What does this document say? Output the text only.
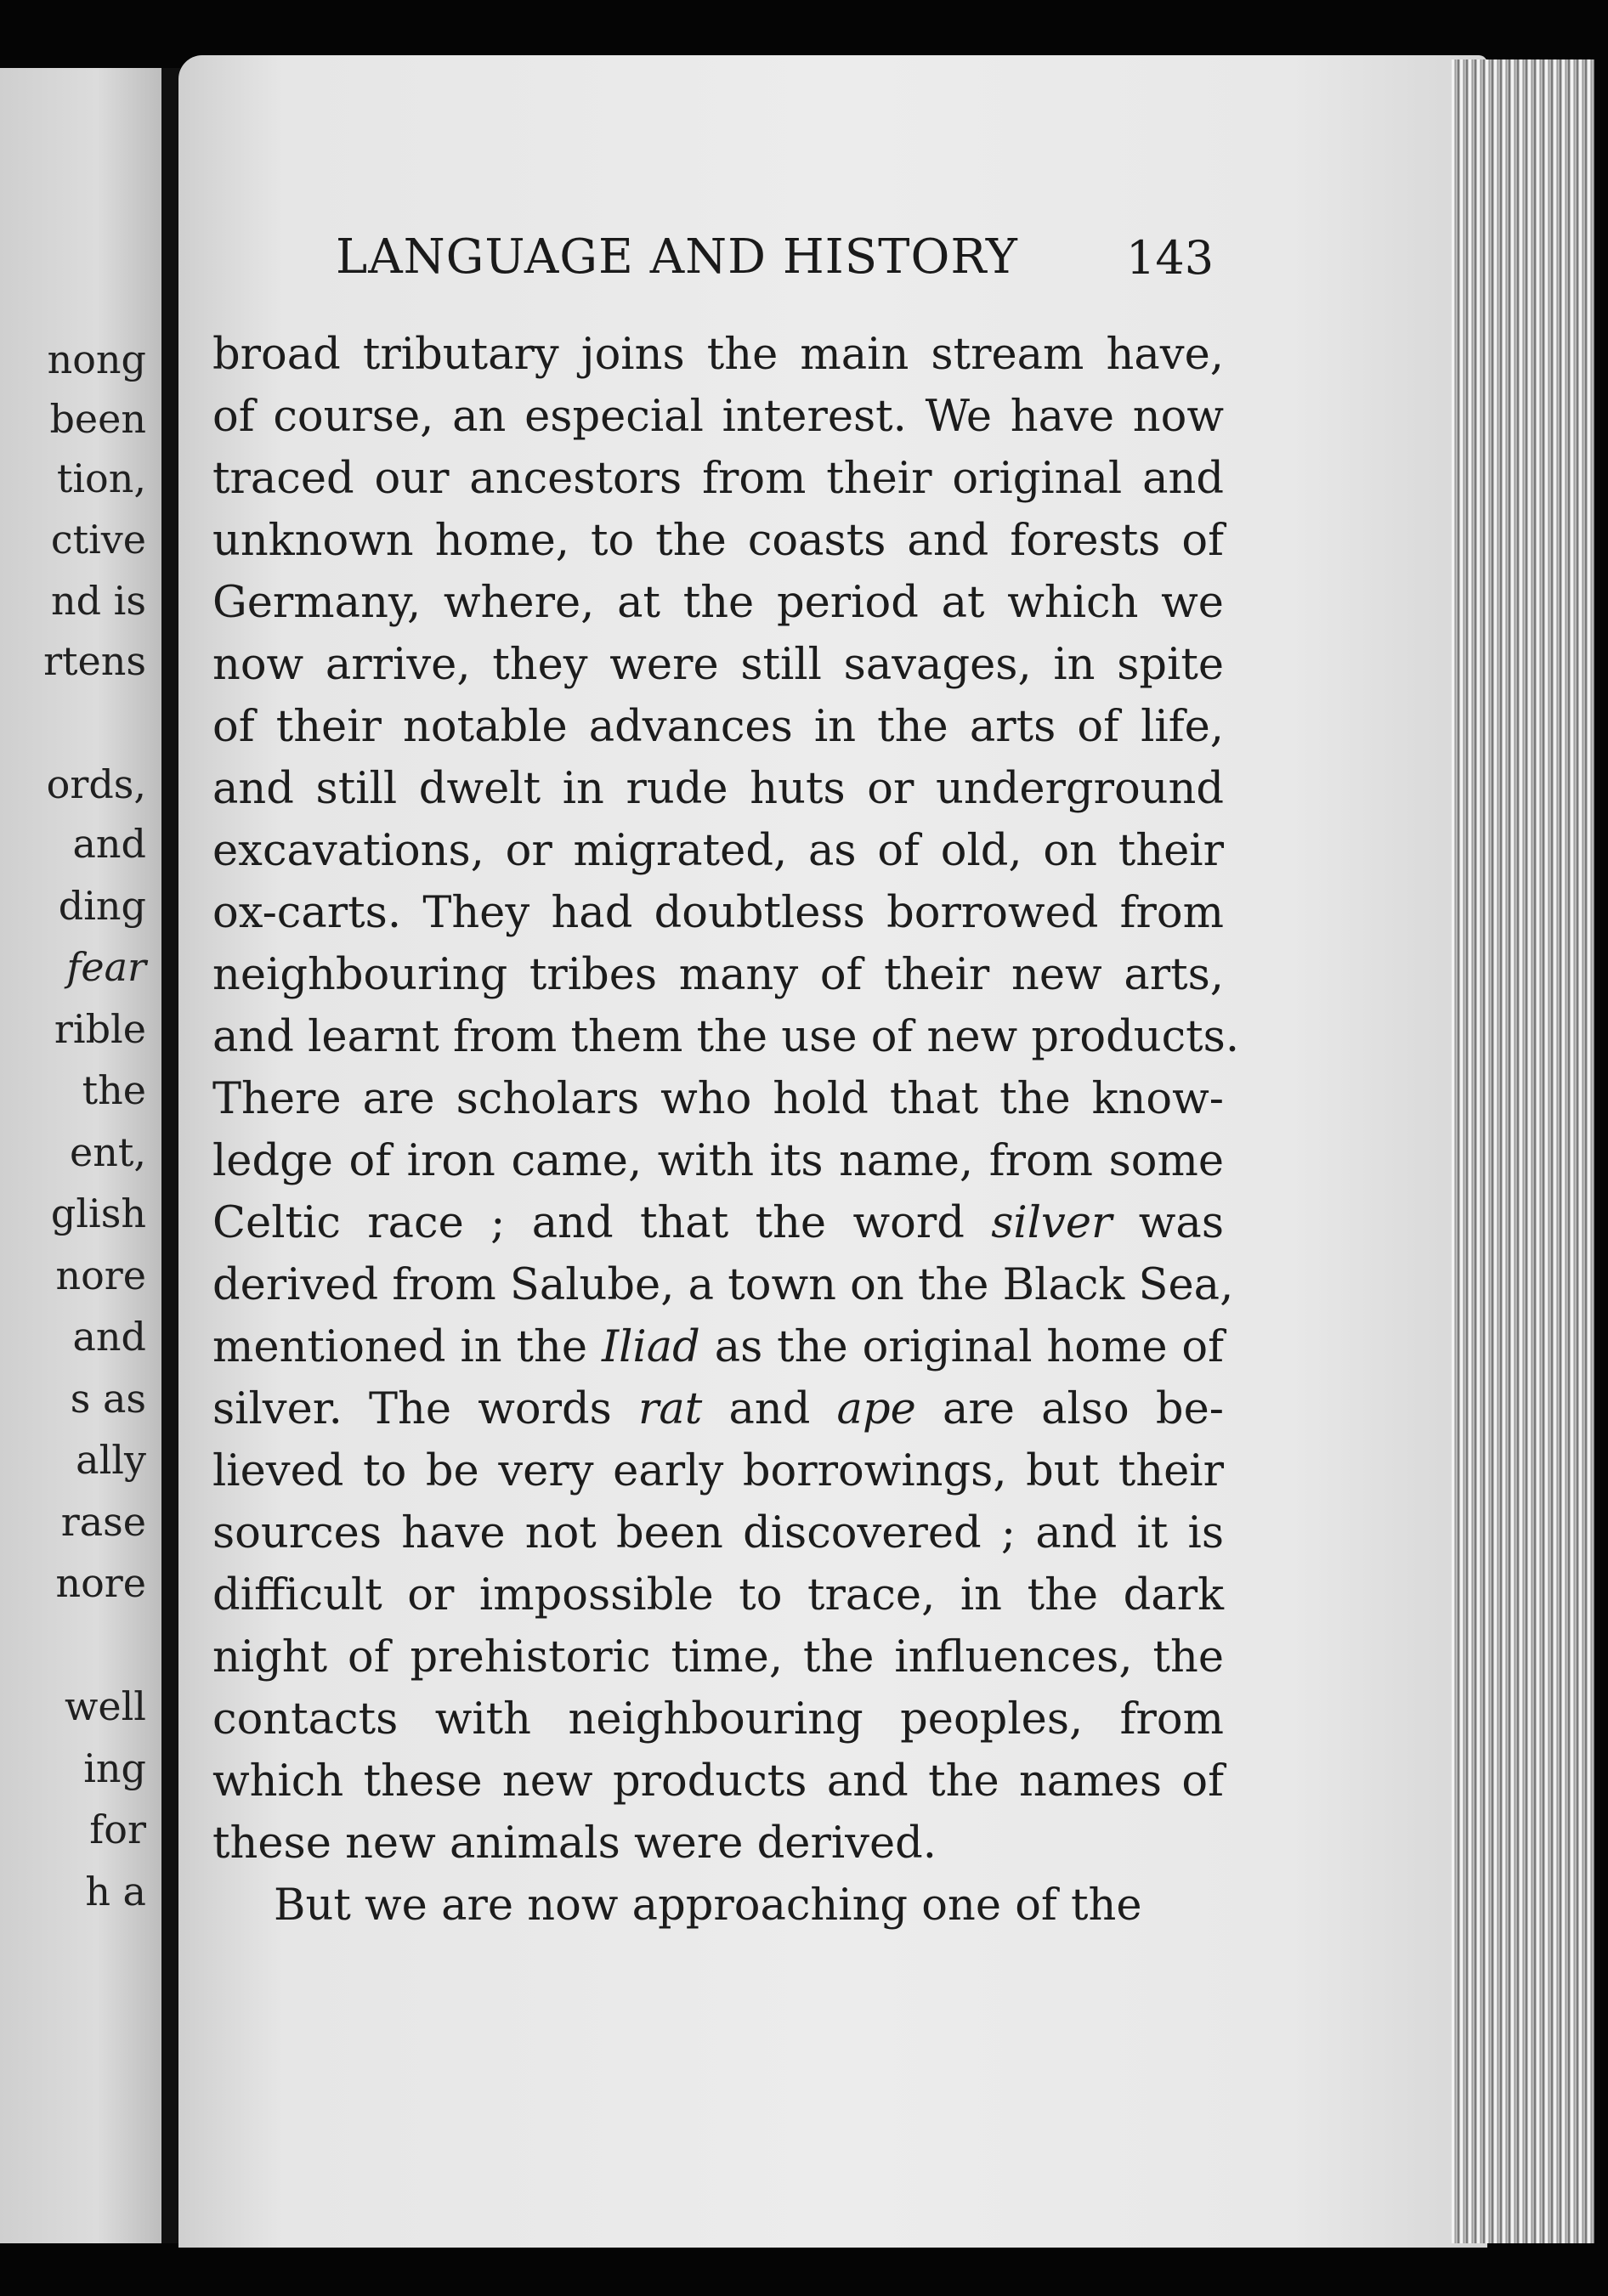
nong
been
tion,
ctive
nd is
rtens
ords,
and
ding
fear
rible
the
ent,
glish
nore
and
s as
ally
rase
nore
well
ing
for
h a
LANGUAGE AND HISTORY 143
broad tributary joins the main stream have,
of course, an especial interest. We have now
traced our ancestors from their original and
unknown home, to the coasts and forests of
Germany, where, at the period at which we
now arrive, they were still savages, in spite
of their notable advances in the arts of life,
and still dwelt in rude huts or underground
excavations, or migrated, as of old, on their
ox-carts. They had doubtless borrowed from
neighbouring tribes many of their new arts,
and learnt from them the use of new products.
There are scholars who hold that the know-
ledge of iron came, with its name, from some
Celtic race ; and that the word silver was
derived from Salube, a town on the Black Sea,
mentioned in the Iliad as the original home of
silver. The words rat and ape are also be-
lieved to be very early borrowings, but their
sources have not been discovered ; and it is
difficult or impossible to trace, in the dark
night of prehistoric time, the influences, the
contacts with neighbouring peoples, from
which these new products and the names of
these new animals were derived.
But we are now approaching one of the
